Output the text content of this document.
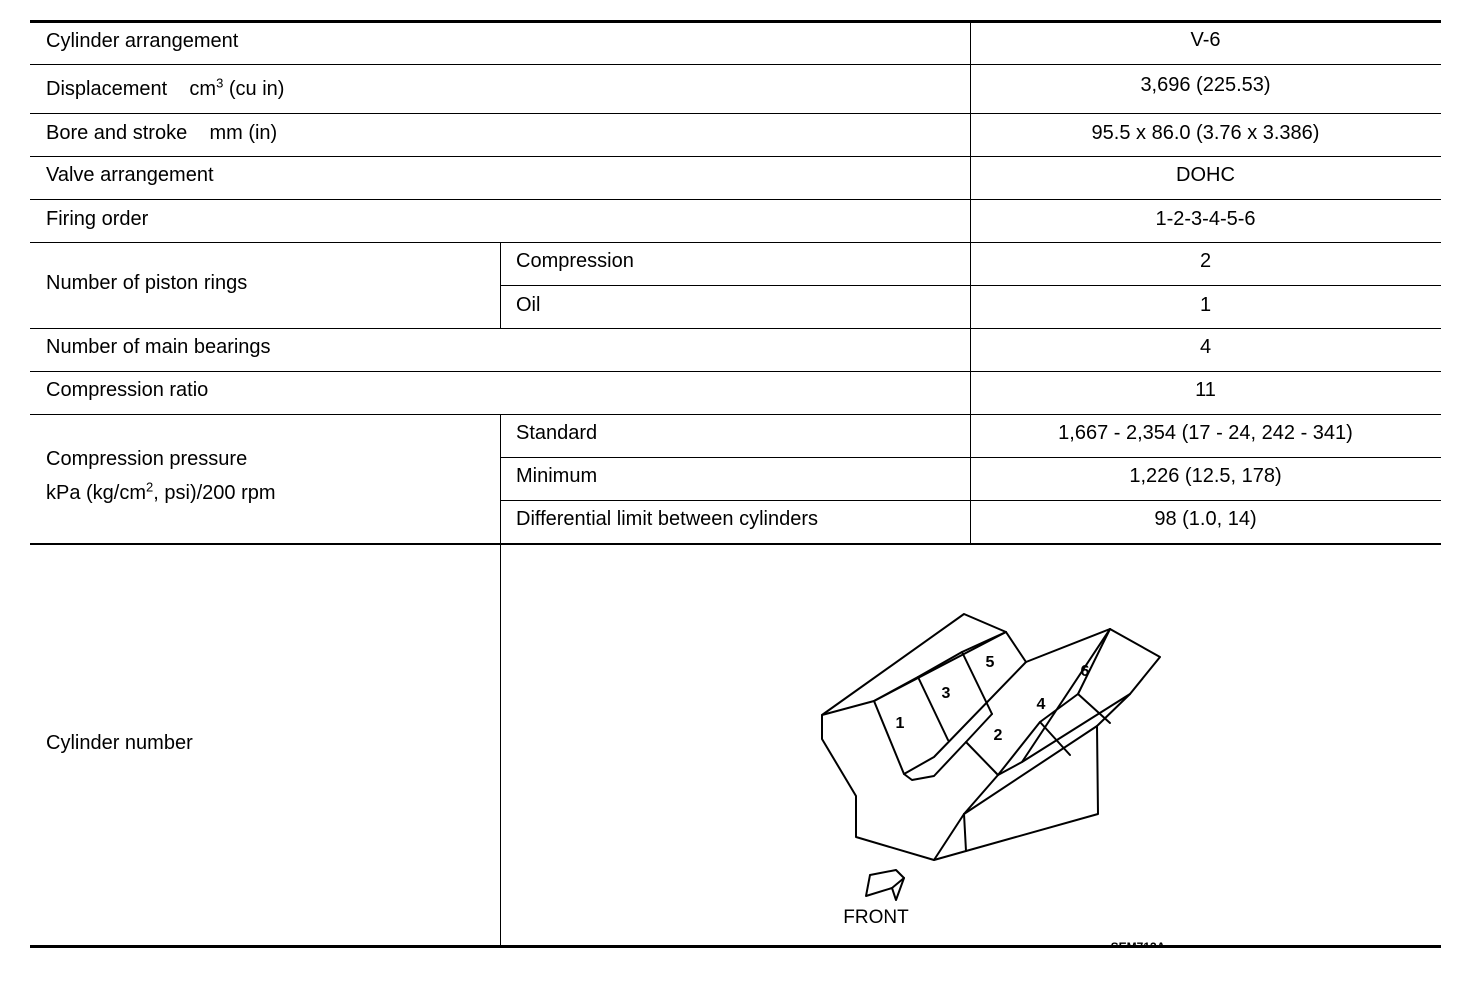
Cylinder arrangement	V-6
Displacement $cm^3$ (cu in)	3,696 (225.53)
Bore and stroke mm (in)	95.5 x 86.0 (3.76 x 3.386)
Valve arrangement	DOHC
Firing order	1-2-3-4-5-6
Number of piston rings
Compression	2
Oil	1
Number of main bearings	4
Compression ratio	11
Compression pressure
kPa ($kg/cm^2$, psi)/200 rpm
Standard	1,667 - 2,354 (17 - 24, 242 - 341)
Minimum	1,226 (12.5, 178)
Differential limit between cylinders	98 (1.0, 14)
Cylinder number
1
2
3
4
5
6
FRONT
SEM713A
